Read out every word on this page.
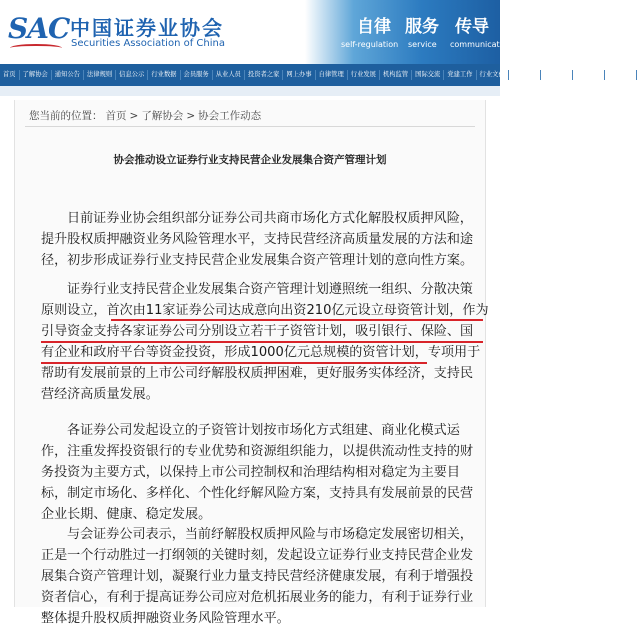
SAC 中国证券业协会
Securities Association of China
自律
self-regulation
服务
service
传导
communicati
首页	了解协会	通知公告	法律规则	信息公示	行业数据	会员服务	从业人员	投资者之家	网上办事	自律管理	行业发展	机构监管	国际交流	党建工作	行业文化	媒体关注	培训中心	行业舆情	合规倍增
您当前的位置： 首页 > 了解协会 > 协会工作动态
协会推动设立证券行业支持民营企业发展集合资产管理计划
日前证券业协会组织部分证券公司共商市场化方式化解股权质押风险，
提升股权质押融资业务风险管理水平，支持民营经济高质量发展的方法和途
径，初步形成证券行业支持民营企业发展集合资产管理计划的意向性方案。
证券行业支持民营企业发展集合资产管理计划遵照统一组织、分散决策
原则设立，首次由11家证券公司达成意向出资210亿元设立母资管计划，作为
引导资金支持各家证券公司分别设立若干子资管计划，吸引银行、保险、国
有企业和政府平台等资金投资，形成1000亿元总规模的资管计划，专项用于
帮助有发展前景的上市公司纾解股权质押困难，更好服务实体经济，支持民
营经济高质量发展。
各证券公司发起设立的子资管计划按市场化方式组建、商业化模式运
作，注重发挥投资银行的专业优势和资源组织能力，以提供流动性支持的财
务投资为主要方式，以保持上市公司控制权和治理结构相对稳定为主要目
标，制定市场化、多样化、个性化纾解风险方案，支持具有发展前景的民营
企业长期、健康、稳定发展。
与会证券公司表示，当前纾解股权质押风险与市场稳定发展密切相关，
正是一个行动胜过一打纲领的关键时刻，发起设立证券行业支持民营企业发
展集合资产管理计划，凝聚行业力量支持民营经济健康发展，有利于增强投
资者信心，有利于提高证券公司应对危机拓展业务的能力，有利于证券行业
整体提升股权质押融资业务风险管理水平。
